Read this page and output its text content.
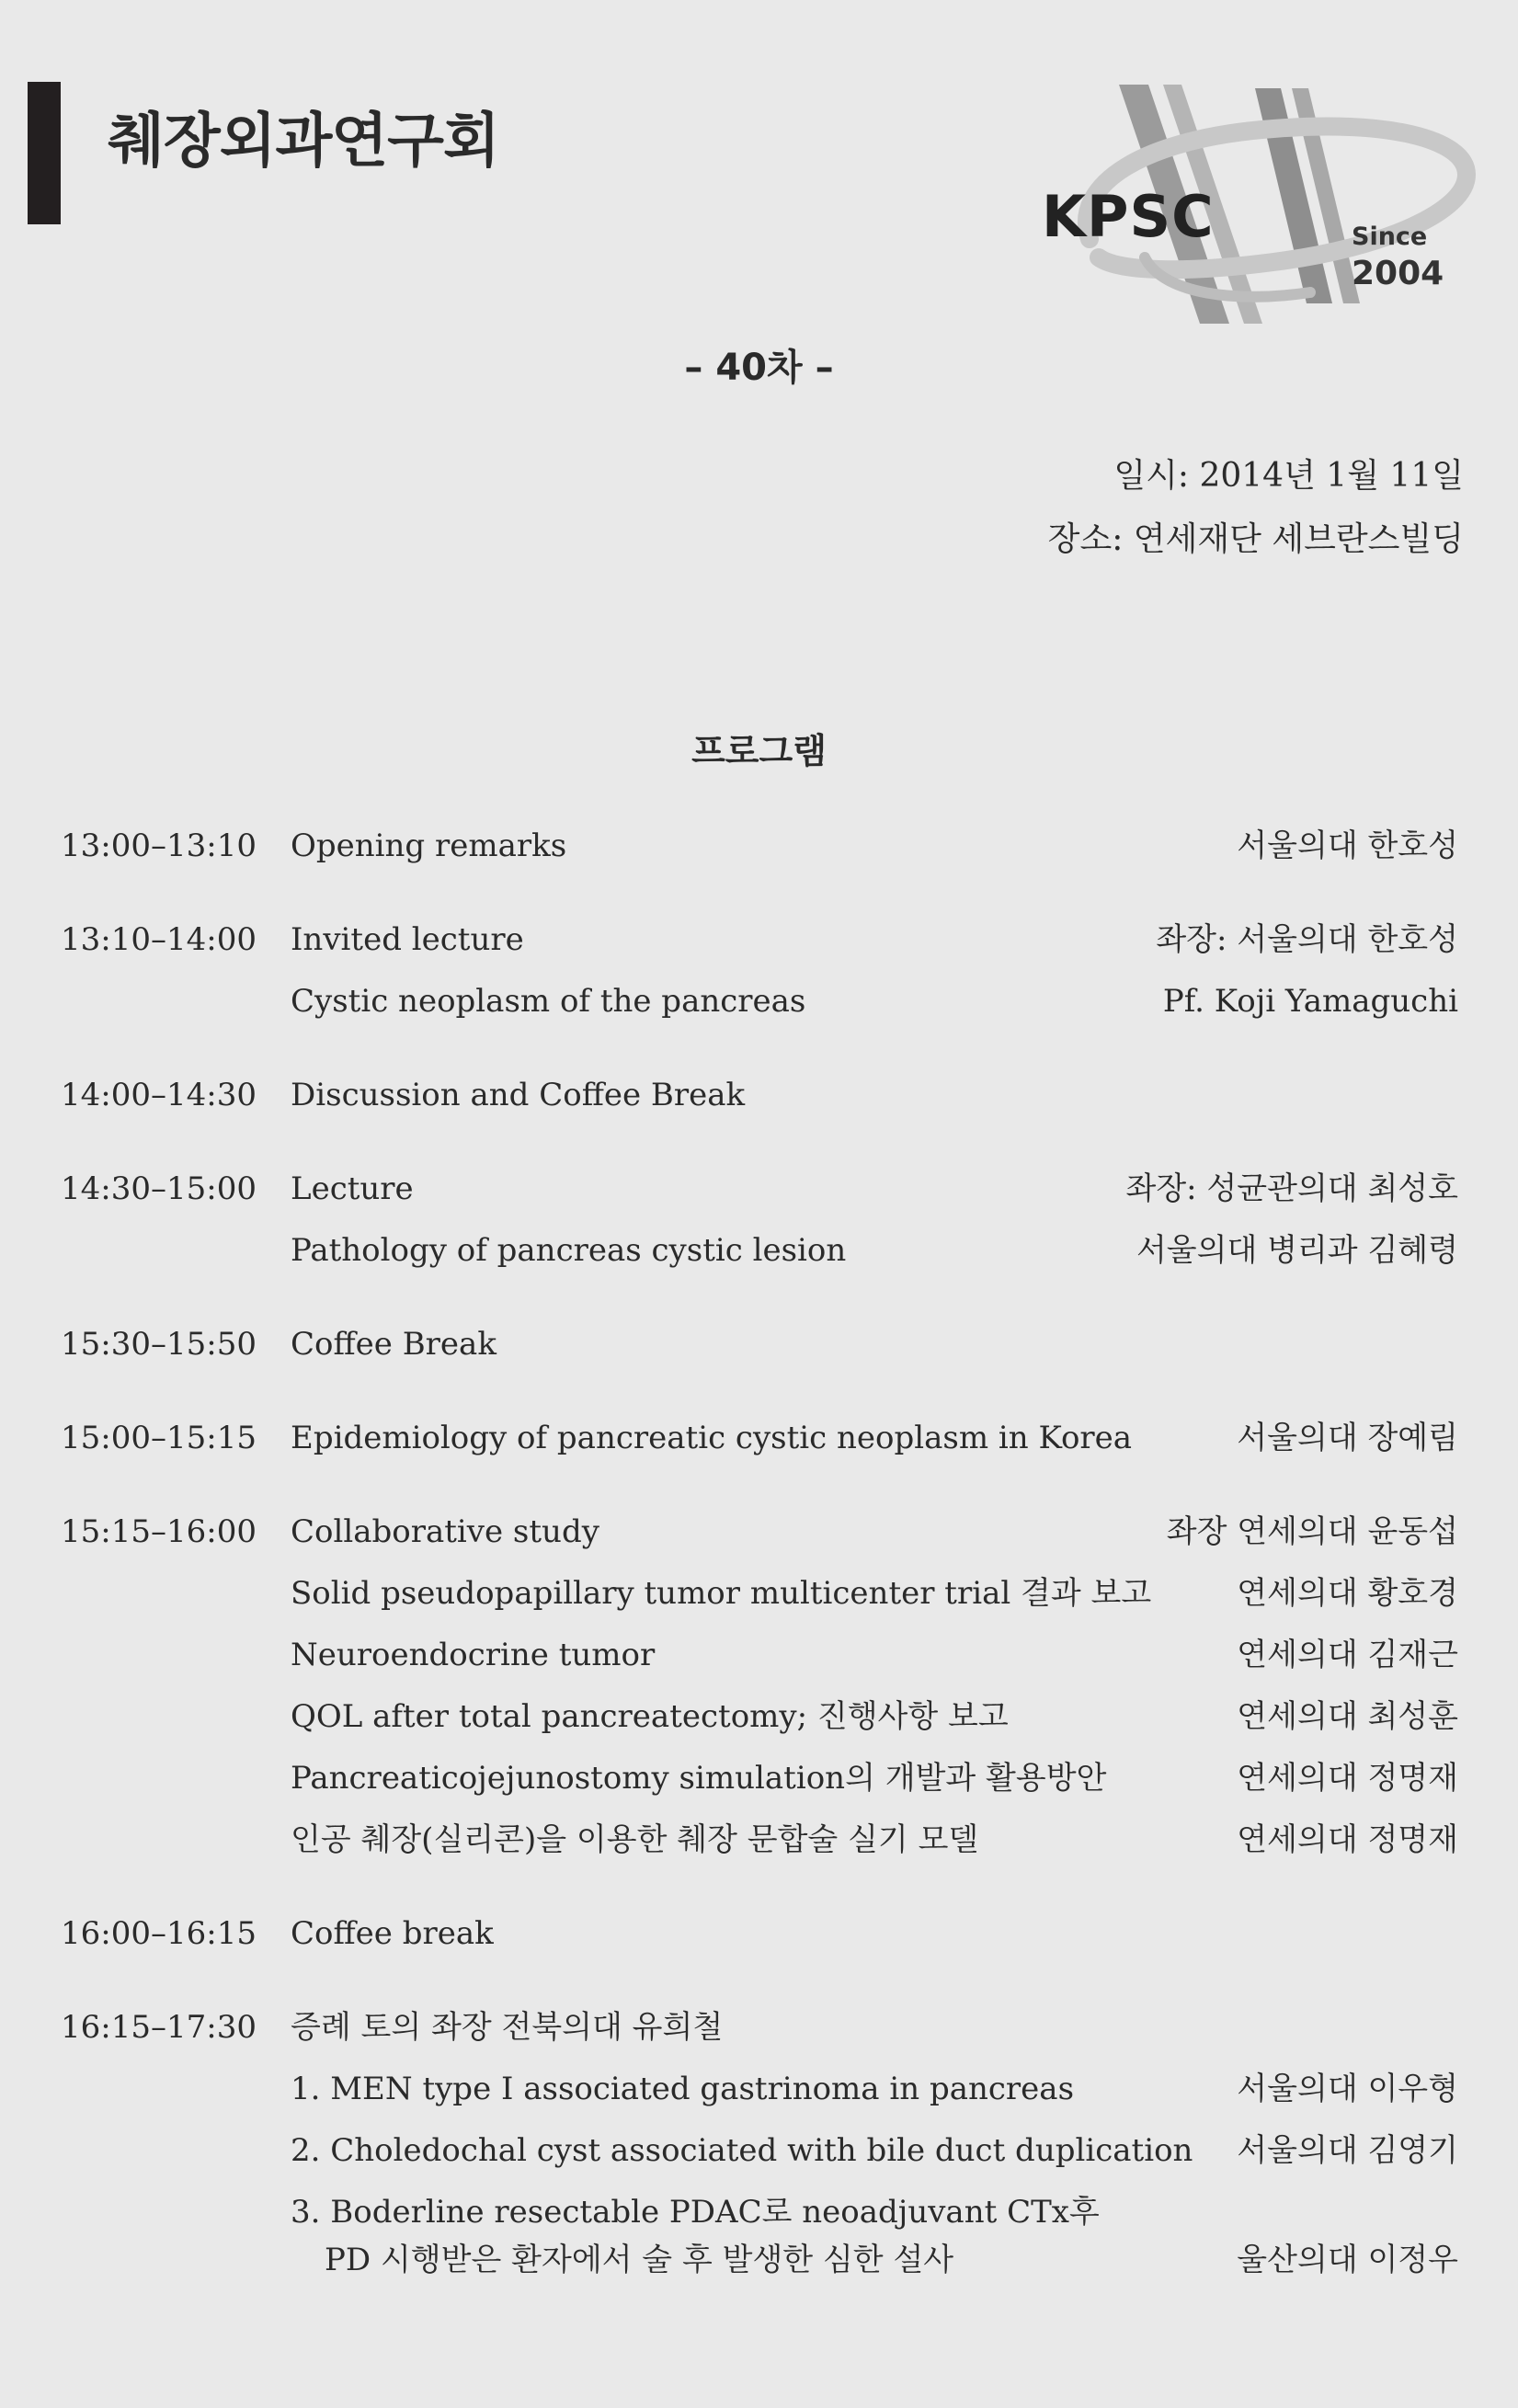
췌장외과연구회
KPSC	Since
2004
– 40차 –
일시: 2014년 1월 11일
장소: 연세재단 세브란스빌딩
프로그램
13:00–13:10 Opening remarks	서울의대 한호성
13:10–14:00 Invited lecture	좌장: 서울의대 한호성
Cystic neoplasm of the pancreas	Pf. Koji Yamaguchi
14:00–14:30 Discussion and Coffee Break
14:30–15:00 Lecture	좌장: 성균관의대 최성호
Pathology of pancreas cystic lesion	서울의대 병리과 김혜령
15:30–15:50 Coffee Break
15:00–15:15 Epidemiology of pancreatic cystic neoplasm in Korea	서울의대 장예림
15:15–16:00 Collaborative study	좌장 연세의대 윤동섭
Solid pseudopapillary tumor multicenter trial 결과 보고	연세의대 황호경
Neuroendocrine tumor	연세의대 김재근
QOL after total pancreatectomy; 진행사항 보고	연세의대 최성훈
Pancreaticojejunostomy simulation의 개발과 활용방안	연세의대 정명재
인공 췌장(실리콘)을 이용한 췌장 문합술 실기 모델	연세의대 정명재
16:00–16:15 Coffee break
16:15–17:30 증례 토의 좌장 전북의대 유희철
1. MEN type I associated gastrinoma in pancreas	서울의대 이우형
2. Choledochal cyst associated with bile duct duplication 서울의대 김영기
3. Boderline resectable PDAC로 neoadjuvant CTx후
PD 시행받은 환자에서 술 후 발생한 심한 설사	울산의대 이정우
